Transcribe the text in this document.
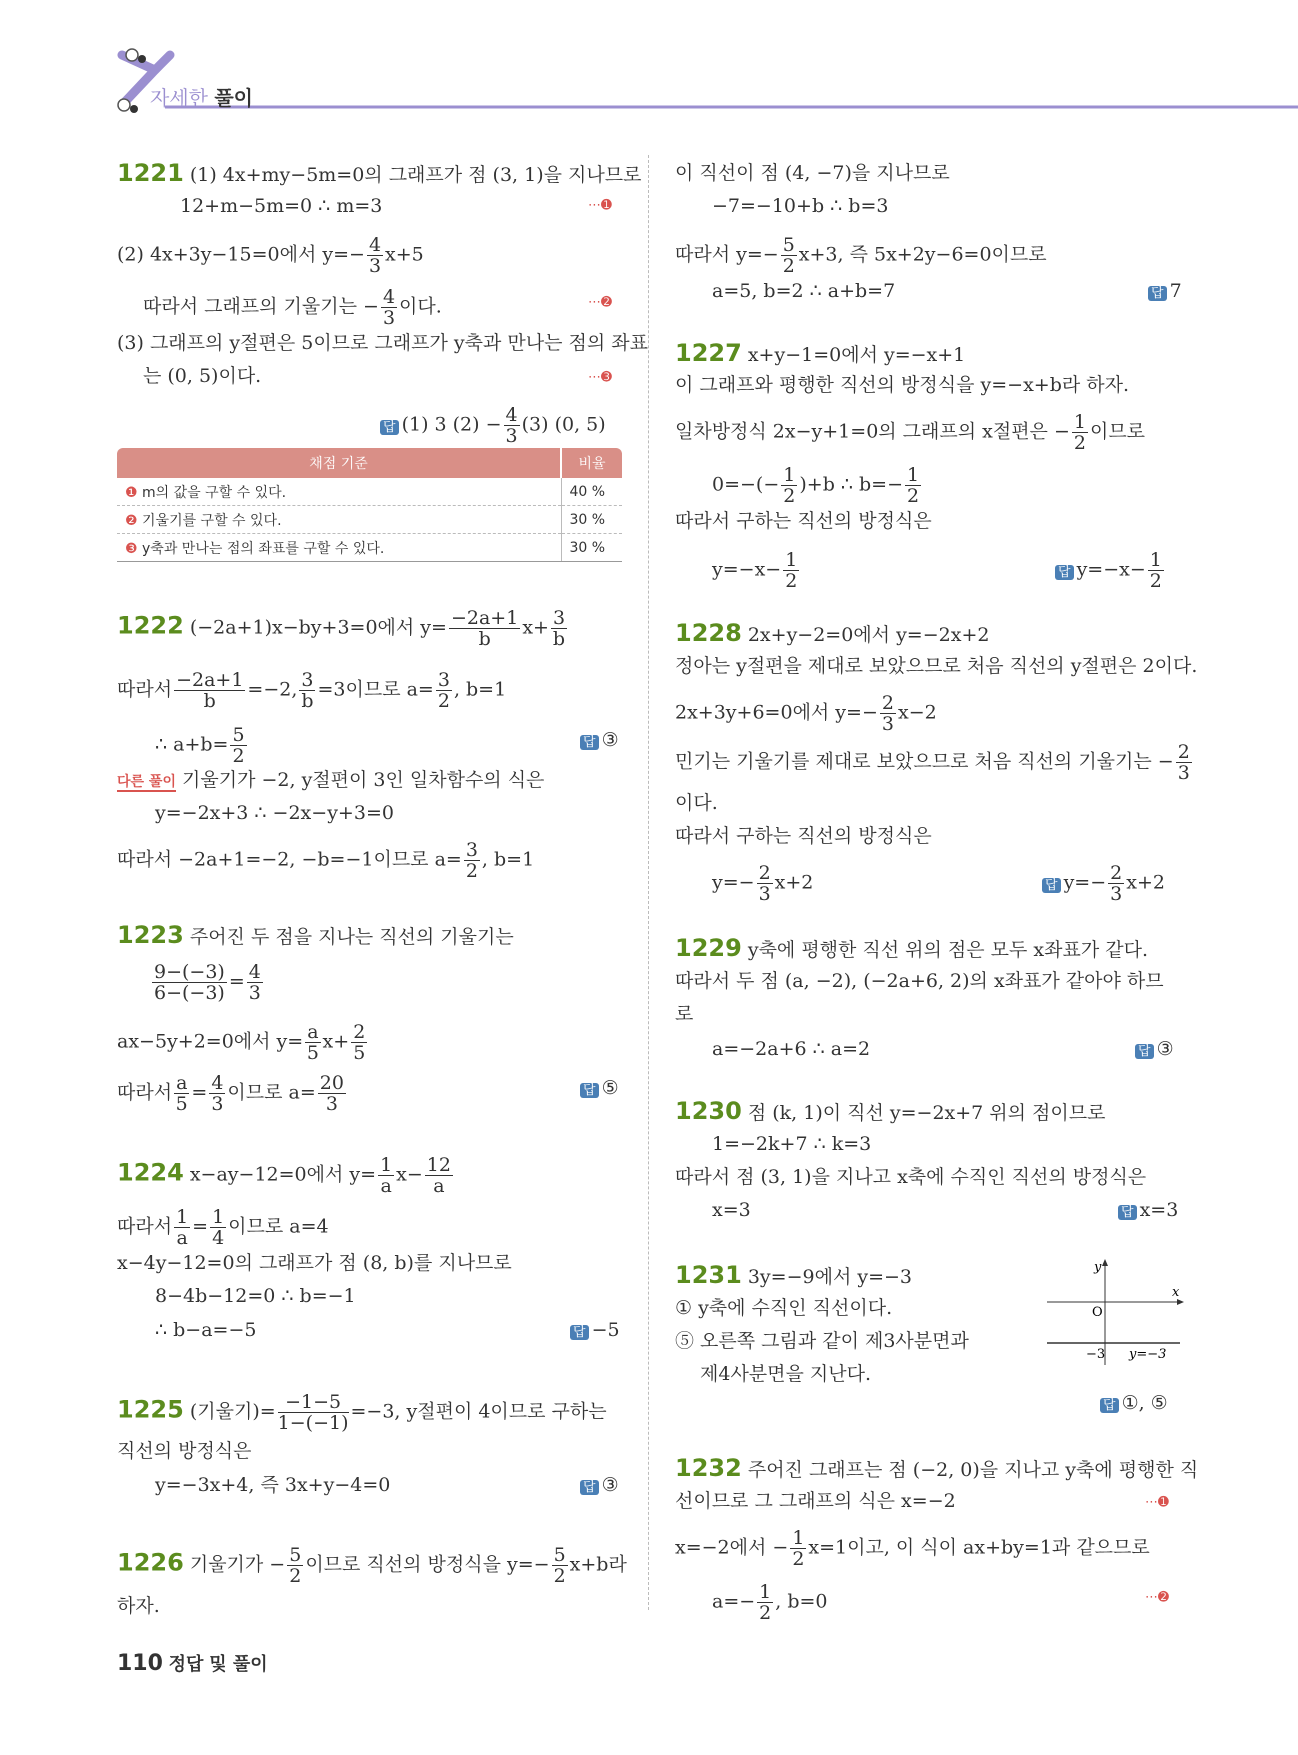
자세한 풀이
1221 (1) 4x+my−5m=0의 그래프가 점 (3, 1)을 지나므로
12+m−5m=0 ∴ m=3	⋯➊
(2) 4x+3y−15=0에서 $y=- \frac{4}{3} x+5$
따라서 그래프의 기울기는 − $\frac{4}{3}$ 이다.	⋯➋
(3) 그래프의 y절편은 5이므로 그래프가 y축과 만나는 점의 좌표
는 (0, 5)이다.	⋯➌
답 (1) 3 $(2) - \frac{4}{3} (3)$ (0, 5)
채점 기준	비율
❶ m의 값을 구할 수 있다.	40 %
❷ 기울기를 구할 수 있다.	30 %
❸ y축과 만나는 점의 좌표를 구할 수 있다.	30 %
1222 (−2a+1)x−by+3=0에서 $y= \frac{-2a+1}{b} x+ \frac{3}{b}$
따라서 $\frac{-2a+1}{b} =-2$, $\frac{3}{b} =3$이므로 $a= \frac{3}{2}$ , b=1
∴ $a+b= \frac{5}{2}$	답 ③
다른 풀이 기울기가 −2, y절편이 3인 일차함수의 식은
y=−2x+3 ∴ −2x−y+3=0
따라서 −2a+1=−2, −b=−1이므로 $a= \frac{3}{2}$ , b=1
1223 주어진 두 점을 지나는 직선의 기울기는
$\frac{9-(-3)}{6-(-3)} = \frac{4}{3}$
ax−5y+2=0에서 $y= \frac{a}{5} x+ \frac{2}{5}$
따라서 $\frac{a}{5} = \frac{4}{3}$ 이므로 $a= \frac{20}{3}$	답 ⑤
1224 x−ay−12=0에서 $y= \frac{1}{a} x- \frac{12}{a}$
따라서 $\frac{1}{a} = \frac{1}{4}$ 이므로 a=4
x−4y−12=0의 그래프가 점 (8, b)를 지나므로
8−4b−12=0 ∴ b=−1
∴ b−a=−5	답 −5
1225 (기울기)= $\frac{-1-5}{1-(-1)} =-3$, y절편이 4이므로 구하는
직선의 방정식은
y=−3x+4, 즉 3x+y−4=0	답 ③
1226 기울기가 − $\frac{5}{2}$ 이므로 직선의 방정식을 $y=- \frac{5}{2} x+b$라
하자.
이 직선이 점 (4, −7)을 지나므로
−7=−10+b ∴ b=3
따라서 $y=- \frac{5}{2} x+3$, 즉 5x+2y−6=0이므로
a=5, b=2 ∴ a+b=7	답 7
1227 x+y−1=0에서 y=−x+1
이 그래프와 평행한 직선의 방정식을 y=−x+b라 하자.
일차방정식 2x−y+1=0의 그래프의 x절편은 − $\frac{1}{2}$ 이므로
$0=-(- \frac{1}{2} )+b$ ∴ $b=- \frac{1}{2}$
따라서 구하는 직선의 방정식은
$y=-x- \frac{1}{2}$	답 $y=-x- \frac{1}{2}$
1228 2x+y−2=0에서 y=−2x+2
정아는 y절편을 제대로 보았으므로 처음 직선의 y절편은 2이다.
2x+3y+6=0에서 $y=- \frac{2}{3} x-2$
민기는 기울기를 제대로 보았으므로 처음 직선의 기울기는 − $\frac{2}{3}$
이다.
따라서 구하는 직선의 방정식은
$y=- \frac{2}{3} x+2$	답 $y=- \frac{2}{3} x+2$
1229 y축에 평행한 직선 위의 점은 모두 x좌표가 같다.
따라서 두 점 (a, −2), (−2a+6, 2)의 x좌표가 같아야 하므
로
a=−2a+6 ∴ a=2	답 ③
1230 점 (k, 1)이 직선 y=−2x+7 위의 점이므로
1=−2k+7 ∴ k=3
따라서 점 (3, 1)을 지나고 x축에 수직인 직선의 방정식은
x=3	답 x=3
1231 3y=−9에서 y=−3
① y축에 수직인 직선이다.
⑤ 오른쪽 그림과 같이 제3사분면과
제4사분면을 지난다.
y
x
O
−3 y=−3
답 ①, ⑤
1232 주어진 그래프는 점 (−2, 0)을 지나고 y축에 평행한 직
선이므로 그 그래프의 식은 x=−2	⋯➊
x=−2에서 − $\frac{1}{2} x=1$이고, 이 식이 ax+by=1과 같으므로
$a=- \frac{1}{2}$ , b=0	⋯➋
110 정답 및 풀이
